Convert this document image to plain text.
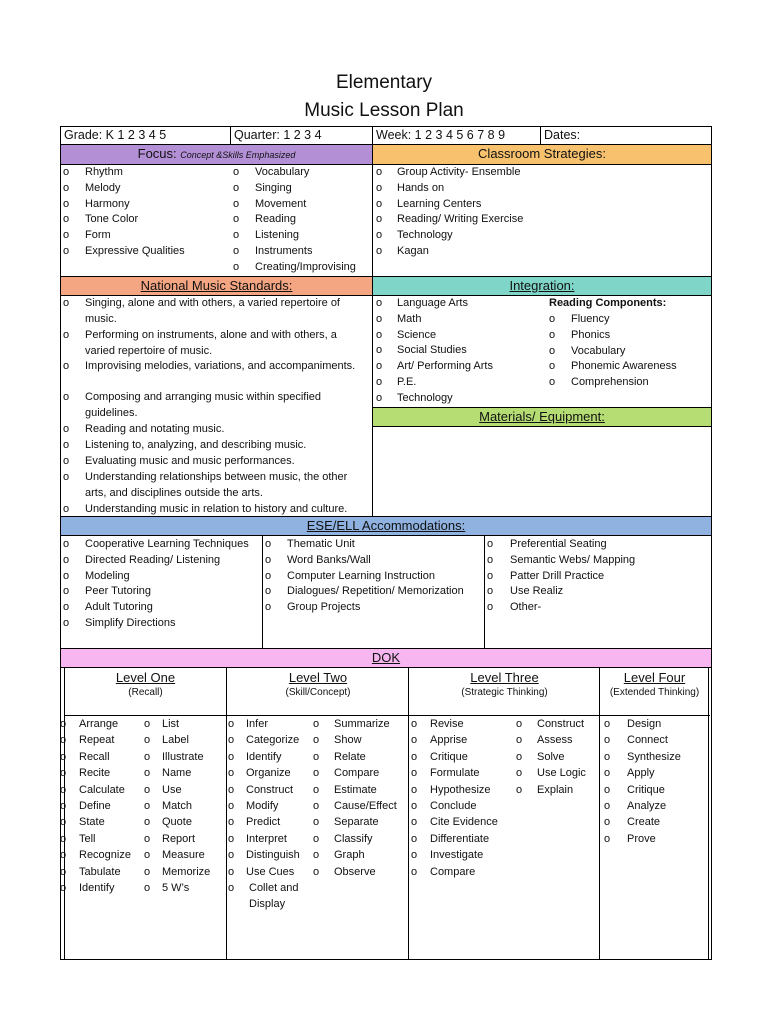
Elementary
Music Lesson Plan
Grade: K 1 2 3 4 5	Quarter: 1 2 3 4	Week: 1 2 3 4 5 6 7 8 9	Dates:
Focus: Concept &Skills Emphasized	Classroom Strategies:
o Rhythm
o Melody
o Harmony
o Tone Color
o Form
o Expressive Qualities
o Vocabulary
o Singing
o Movement
o Reading
o Listening
o Instruments
o Creating/Improvising
o Group Activity- Ensemble
o Hands on
o Learning Centers
o Reading/ Writing Exercise
o Technology
o Kagan
National Music Standards:	Integration:
o Singing, alone and with others, a varied repertoire of music.
o Performing on instruments, alone and with others, a varied repertoire of music.
o Improvising melodies, variations, and accompaniments.
o Composing and arranging music within specified guidelines.
o Reading and notating music.
o Listening to, analyzing, and describing music.
o Evaluating music and music performances.
o Understanding relationships between music, the other arts, and disciplines outside the arts.
o Understanding music in relation to history and culture.
o Language Arts
o Math
o Science
o Social Studies
o Art/ Performing Arts
o P.E.
o Technology
Reading Components:
o Fluency
o Phonics
o Vocabulary
o Phonemic Awareness
o Comprehension
Materials/ Equipment:
ESE/ELL Accommodations:
o Cooperative Learning Techniques
o Directed Reading/ Listening
o Modeling
o Peer Tutoring
o Adult Tutoring
o Simplify Directions
o Thematic Unit
o Word Banks/Wall
o Computer Learning Instruction
o Dialogues/ Repetition/ Memorization
o Group Projects
o Preferential Seating
o Semantic Webs/ Mapping
o Patter Drill Practice
o Use Realiz
o Other-
DOK
Level One
(Recall)
Level Two
(Skill/Concept)
Level Three
(Strategic Thinking)
Level Four
(Extended Thinking)
o Arrange
o Repeat
o Recall
o Recite
o Calculate
o Define
o State
o Tell
o Recognize
o Tabulate
o Identify
o List
o Label
o Illustrate
o Name
o Use
o Match
o Quote
o Report
o Measure
o Memorize
o 5 W’s
o Infer
o Categorize
o Identify
o Organize
o Construct
o Modify
o Predict
o Interpret
o Distinguish
o Use Cues
o Collet and Display
o Summarize
o Show
o Relate
o Compare
o Estimate
o Cause/Effect
o Separate
o Classify
o Graph
o Observe
o Revise
o Apprise
o Critique
o Formulate
o Hypothesize
o Conclude
o Cite Evidence
o Differentiate
o Investigate
o Compare
o Construct
o Assess
o Solve
o Use Logic
o Explain
o Design
o Connect
o Synthesize
o Apply
o Critique
o Analyze
o Create
o Prove
